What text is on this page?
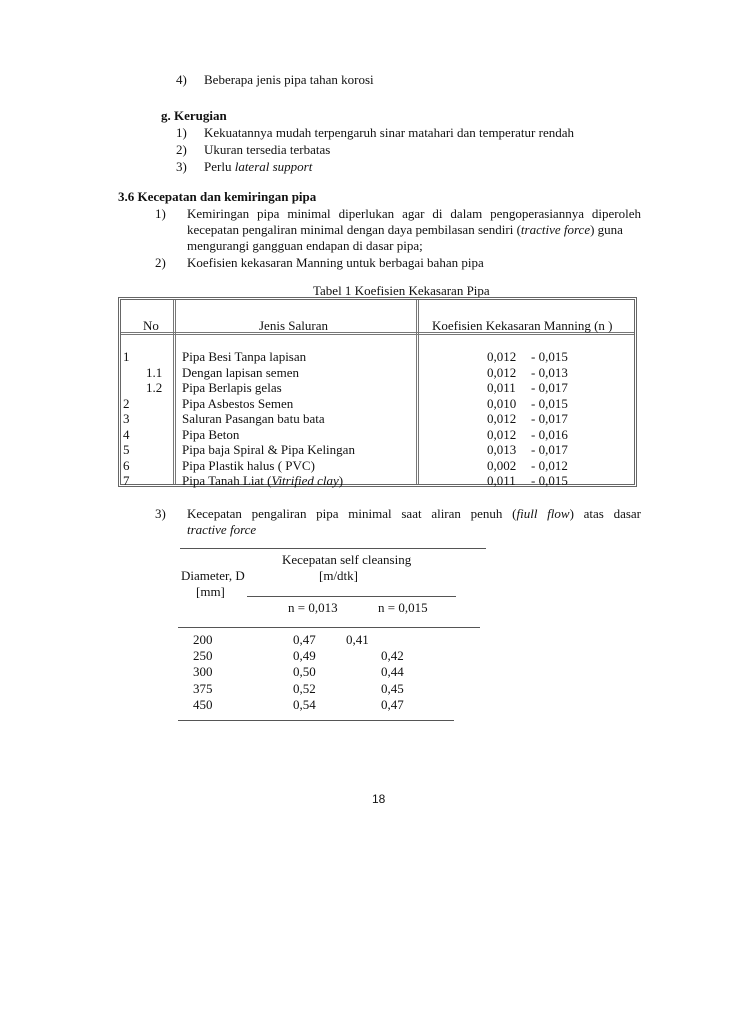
4) Beberapa jenis pipa tahan korosi
g. Kerugian
1) Kekuatannya mudah terpengaruh sinar matahari dan temperatur rendah
2) Ukuran tersedia terbatas
3) Perlu lateral support
3.6 Kecepatan dan kemiringan pipa
1) Kemiringan pipa minimal diperlukan agar di dalam pengoperasiannya diperoleh
kecepatan pengaliran minimal dengan daya pembilasan sendiri (tractive force) guna
mengurangi gangguan endapan di dasar pipa;
2) Koefisien kekasaran Manning untuk berbagai bahan pipa
Tabel 1 Koefisien Kekasaran Pipa
No	Jenis Saluran	Koefisien Kekasaran Manning (n )
1	Pipa Besi Tanpa lapisan	0,012 - 0,015
1.1 Dengan lapisan semen	0,012 - 0,013
1.2 Pipa Berlapis gelas	0,011 - 0,017
2	Pipa Asbestos Semen	0,010 - 0,015
3	Saluran Pasangan batu bata	0,012 - 0,017
4	Pipa Beton	0,012 - 0,016
5	Pipa baja Spiral & Pipa Kelingan	0,013 - 0,017
6	Pipa Plastik halus ( PVC)	0,002 - 0,012
7	Pipa Tanah Liat (Vitrified clay)	0,011 - 0,015
3) Kecepatan pengaliran pipa minimal saat aliran penuh (fiull flow) atas dasar
tractive force
Kecepatan self cleansing
Diameter, D	[m/dtk]
[mm]
n = 0,013	n = 0,015
200	0,47 0,41
250	0,49	0,42
300	0,50	0,44
375	0,52	0,45
450	0,54	0,47
18
